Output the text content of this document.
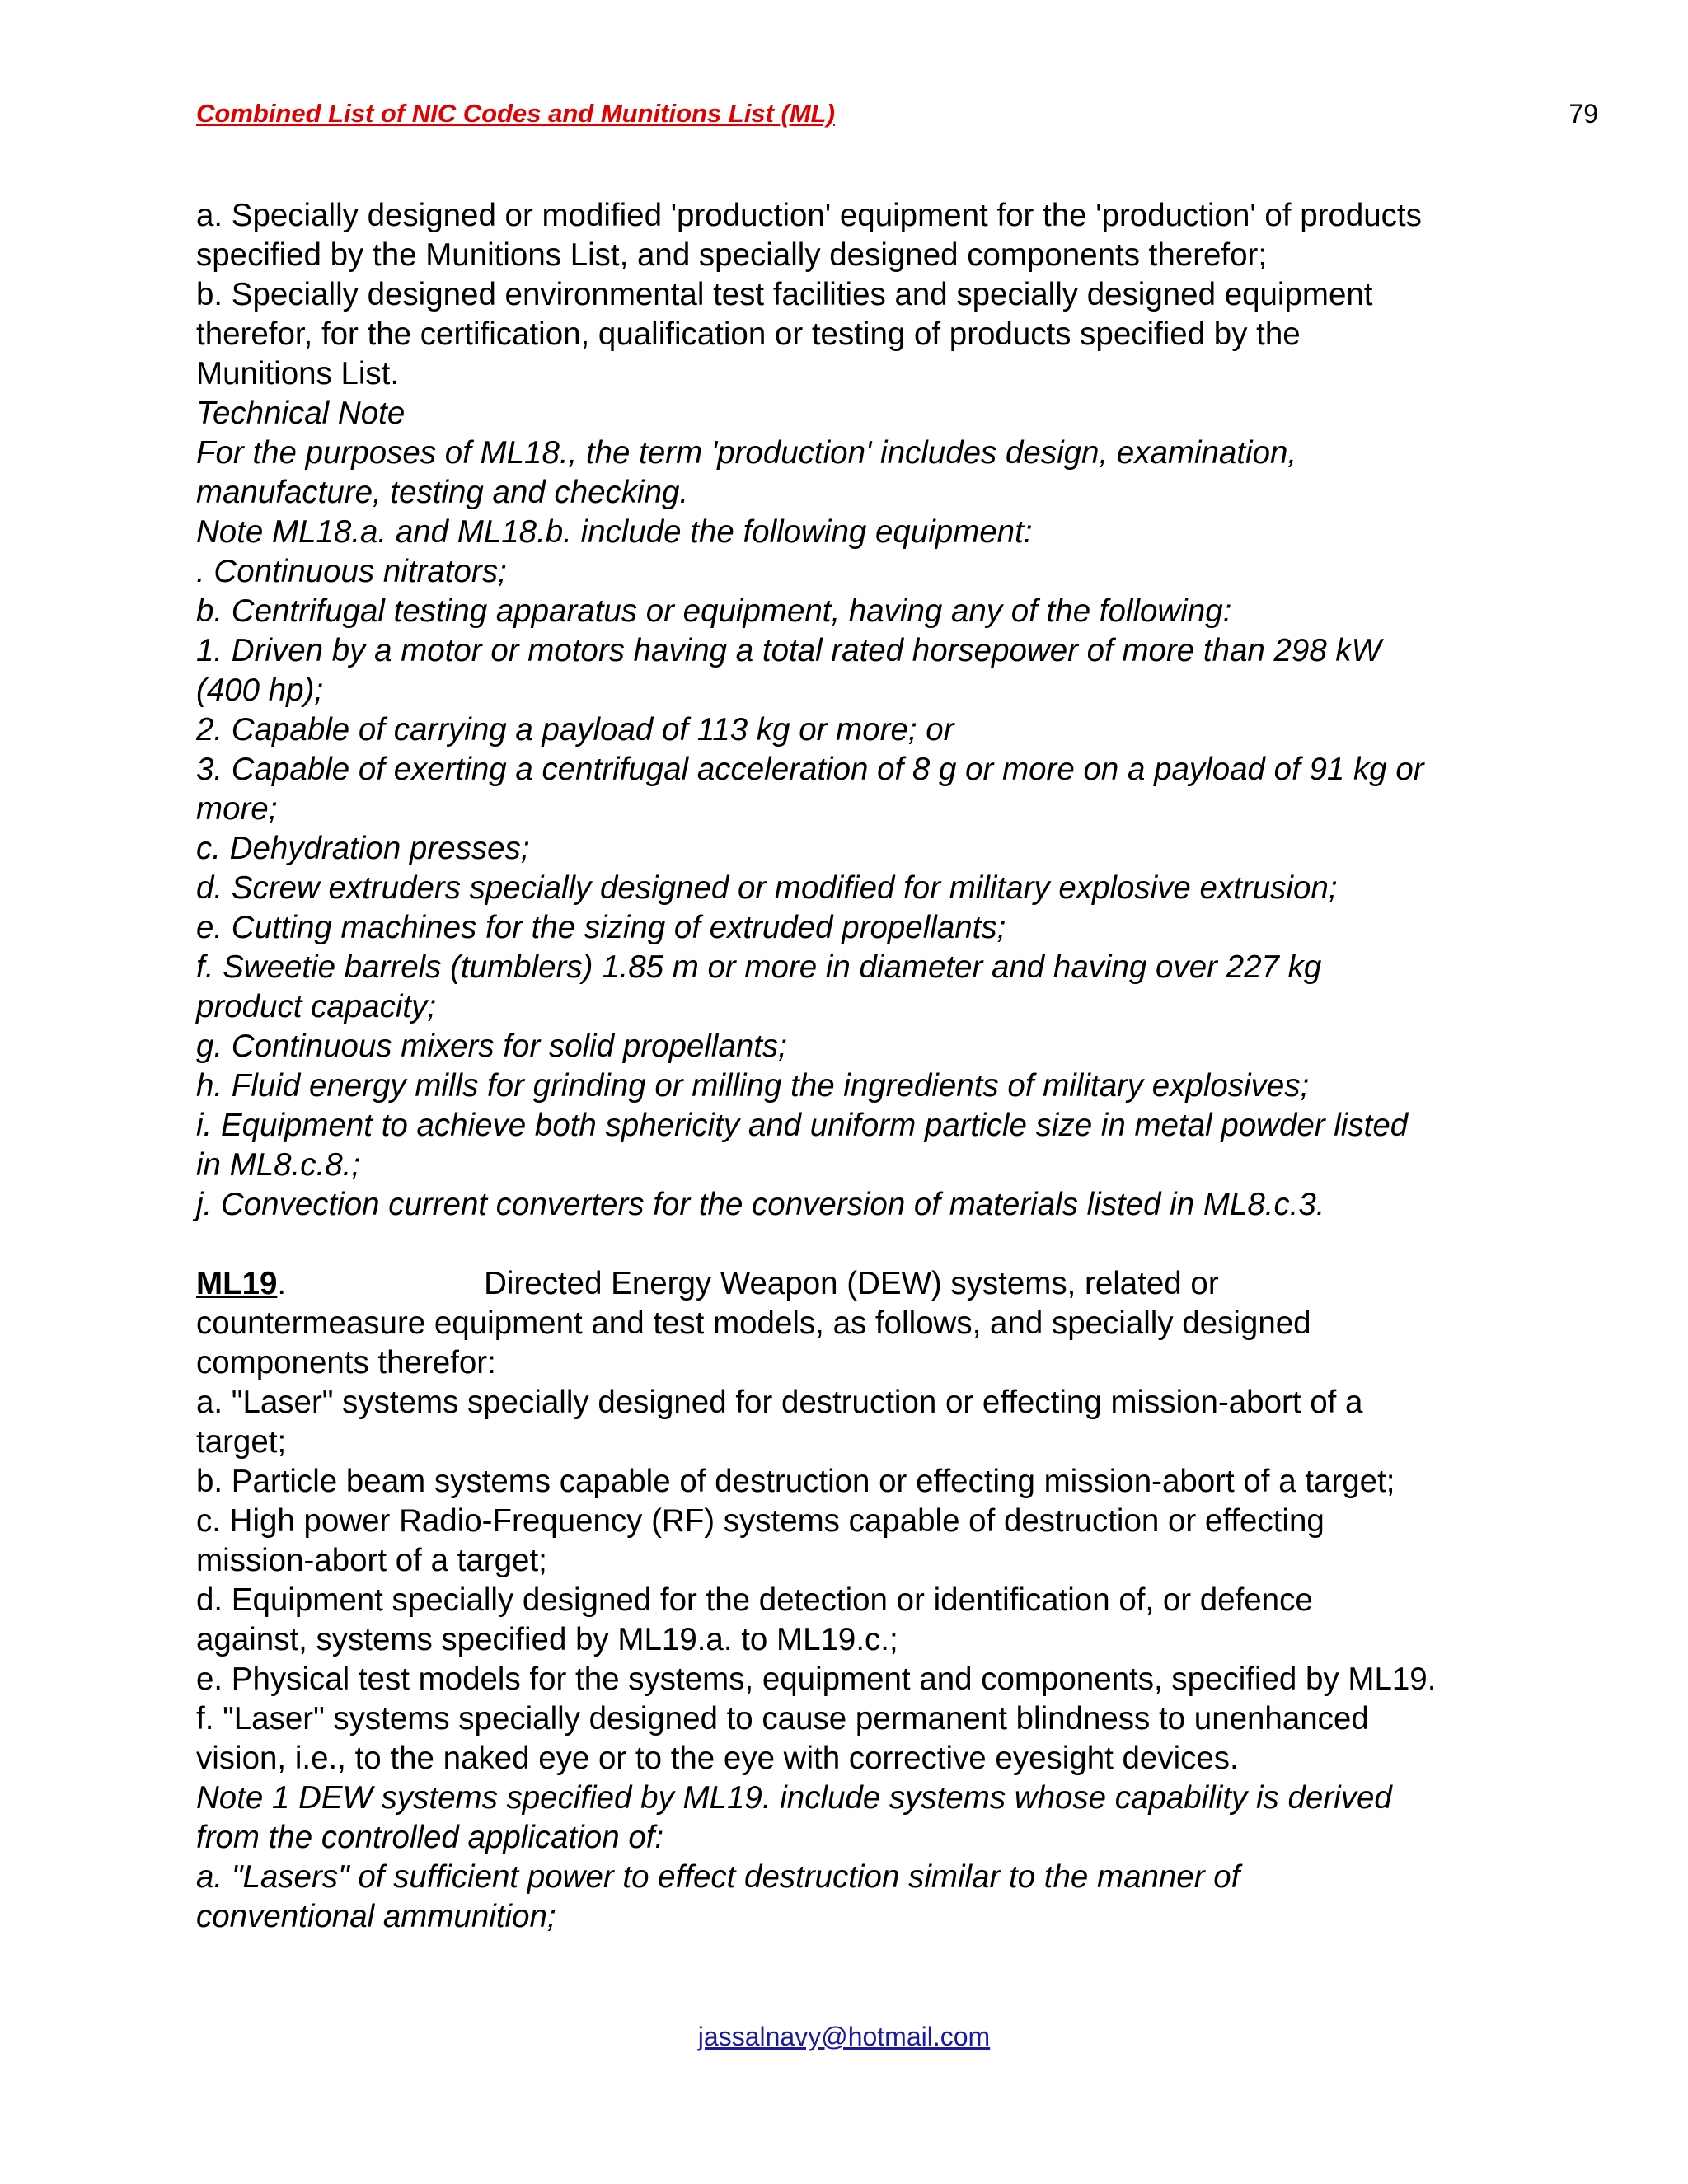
Combined List of NIC Codes and Munitions List (ML)	79
a. Specially designed or modified 'production' equipment for the 'production' of products
specified by the Munitions List, and specially designed components therefor;
b. Specially designed environmental test facilities and specially designed equipment
therefor, for the certification, qualification or testing of products specified by the
Munitions List.
Technical Note
For the purposes of ML18., the term 'production' includes design, examination,
manufacture, testing and checking.
Note ML18.a. and ML18.b. include the following equipment:
. Continuous nitrators;
b. Centrifugal testing apparatus or equipment, having any of the following:
1. Driven by a motor or motors having a total rated horsepower of more than 298 kW
(400 hp);
2. Capable of carrying a payload of 113 kg or more; or
3. Capable of exerting a centrifugal acceleration of 8 g or more on a payload of 91 kg or
more;
c. Dehydration presses;
d. Screw extruders specially designed or modified for military explosive extrusion;
e. Cutting machines for the sizing of extruded propellants;
f. Sweetie barrels (tumblers) 1.85 m or more in diameter and having over 227 kg
product capacity;
g. Continuous mixers for solid propellants;
h. Fluid energy mills for grinding or milling the ingredients of military explosives;
i. Equipment to achieve both sphericity and uniform particle size in metal powder listed
in ML8.c.8.;
j. Convection current converters for the conversion of materials listed in ML8.c.3.
ML19.	Directed Energy Weapon (DEW) systems, related or
countermeasure equipment and test models, as follows, and specially designed
components therefor:
a. "Laser" systems specially designed for destruction or effecting mission-abort of a
target;
b. Particle beam systems capable of destruction or effecting mission-abort of a target;
c. High power Radio-Frequency (RF) systems capable of destruction or effecting
mission-abort of a target;
d. Equipment specially designed for the detection or identification of, or defence
against, systems specified by ML19.a. to ML19.c.;
e. Physical test models for the systems, equipment and components, specified by ML19.
f. "Laser" systems specially designed to cause permanent blindness to unenhanced
vision, i.e., to the naked eye or to the eye with corrective eyesight devices.
Note 1 DEW systems specified by ML19. include systems whose capability is derived
from the controlled application of:
a. "Lasers" of sufficient power to effect destruction similar to the manner of
conventional ammunition;
jassalnavy@hotmail.com
